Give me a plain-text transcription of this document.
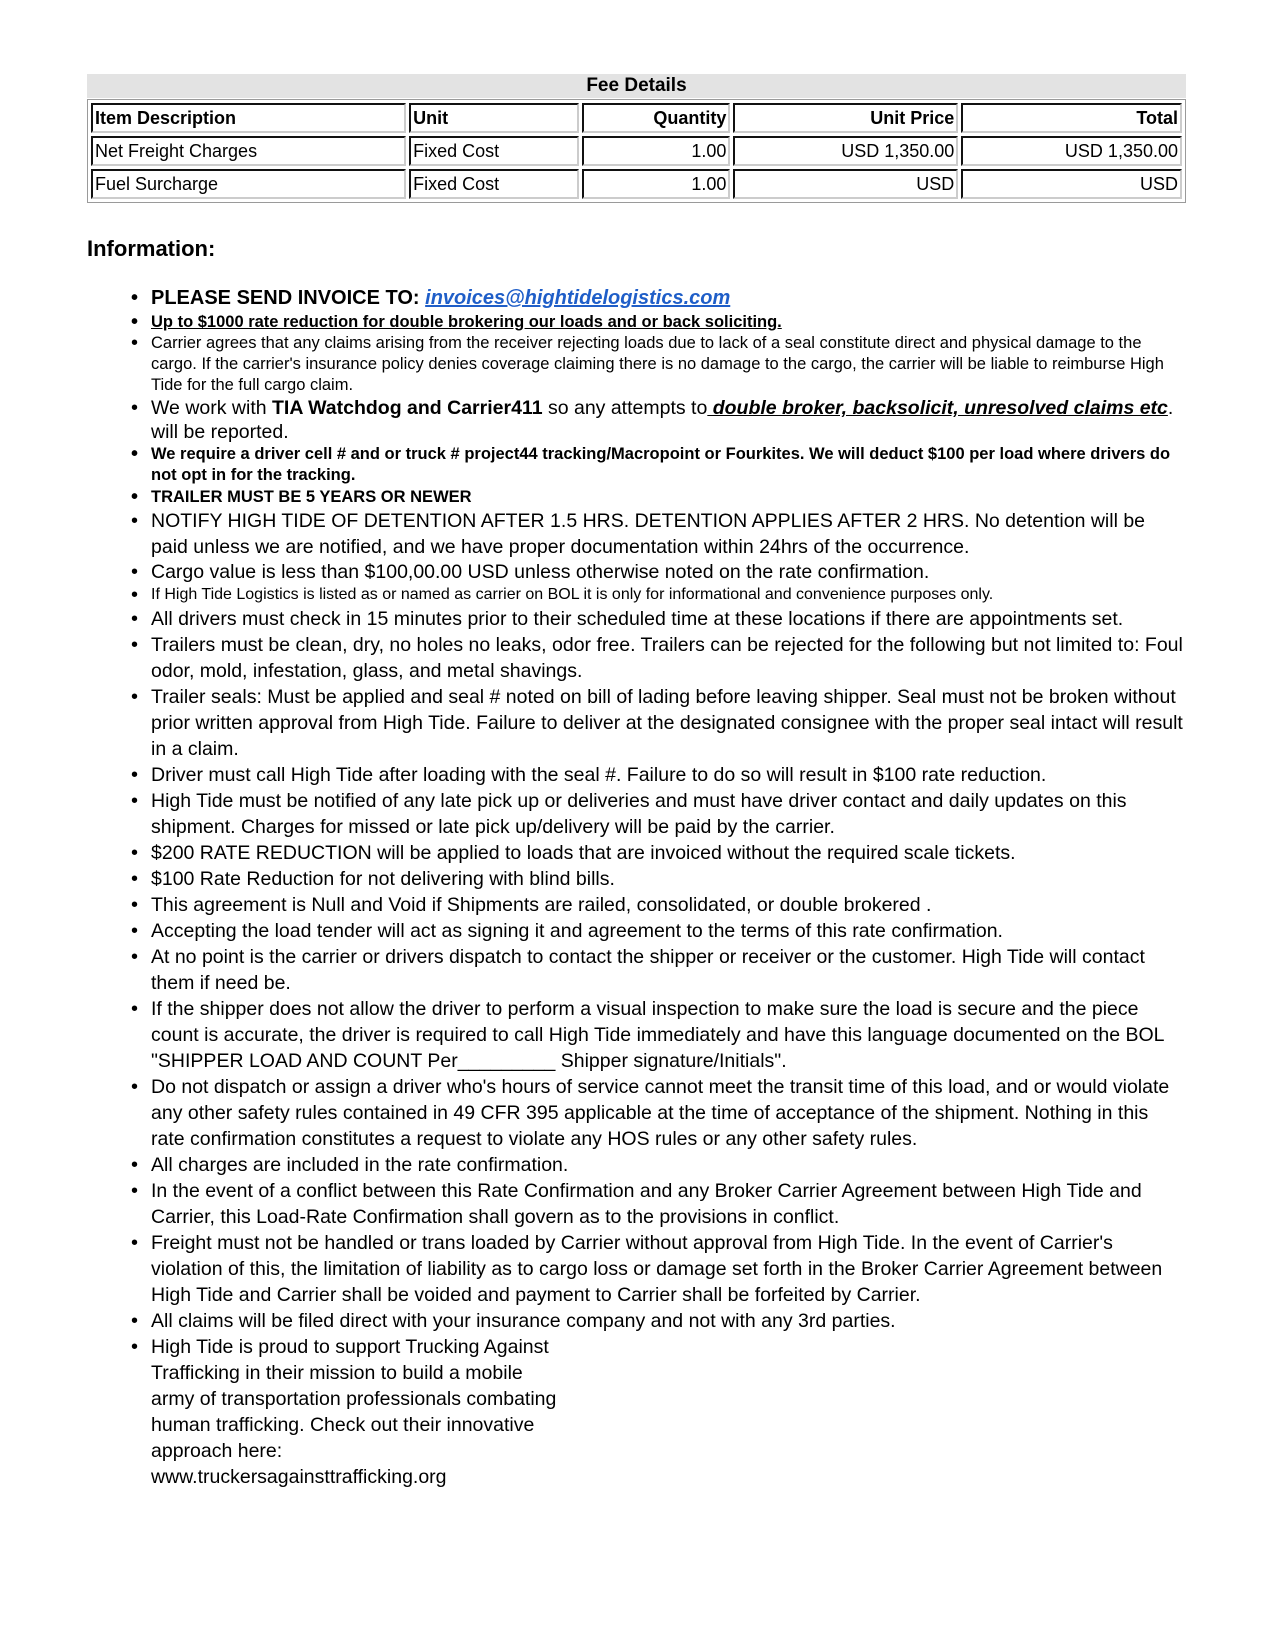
Fee Details
Item Description	Unit	Quantity	Unit Price	Total
Net Freight Charges	Fixed Cost	1.00	USD 1,350.00	USD 1,350.00
Fuel Surcharge	Fixed Cost	1.00	USD	USD
Information:
• PLEASE SEND INVOICE TO: invoices@hightidelogistics.com
• Up to $1000 rate reduction for double brokering our loads and or back soliciting.
• Carrier agrees that any claims arising from the receiver rejecting loads due to lack of a seal constitute direct and physical damage to the cargo. If the carrier's insurance policy denies coverage claiming there is no damage to the cargo, the carrier will be liable to reimburse High Tide for the full cargo claim.
• We work with TIA Watchdog and Carrier411 so any attempts to double broker, backsolicit, unresolved claims etc. will be reported.
• We require a driver cell # and or truck # project44 tracking/Macropoint or Fourkites. We will deduct $100 per load where drivers do not opt in for the tracking.
• TRAILER MUST BE 5 YEARS OR NEWER
• NOTIFY HIGH TIDE OF DETENTION AFTER 1.5 HRS. DETENTION APPLIES AFTER 2 HRS. No detention will be paid unless we are notified, and we have proper documentation within 24hrs of the occurrence.
• Cargo value is less than $100,00.00 USD unless otherwise noted on the rate confirmation.
• If High Tide Logistics is listed as or named as carrier on BOL it is only for informational and convenience purposes only.
• All drivers must check in 15 minutes prior to their scheduled time at these locations if there are appointments set.
• Trailers must be clean, dry, no holes no leaks, odor free. Trailers can be rejected for the following but not limited to: Foul odor, mold, infestation, glass, and metal shavings.
• Trailer seals: Must be applied and seal # noted on bill of lading before leaving shipper. Seal must not be broken without prior written approval from High Tide. Failure to deliver at the designated consignee with the proper seal intact will result in a claim.
• Driver must call High Tide after loading with the seal #. Failure to do so will result in $100 rate reduction.
• High Tide must be notified of any late pick up or deliveries and must have driver contact and daily updates on this shipment. Charges for missed or late pick up/delivery will be paid by the carrier.
• $200 RATE REDUCTION will be applied to loads that are invoiced without the required scale tickets.
• $100 Rate Reduction for not delivering with blind bills.
• This agreement is Null and Void if Shipments are railed, consolidated, or double brokered .
• Accepting the load tender will act as signing it and agreement to the terms of this rate confirmation.
• At no point is the carrier or drivers dispatch to contact the shipper or receiver or the customer. High Tide will contact them if need be.
• If the shipper does not allow the driver to perform a visual inspection to make sure the load is secure and the piece count is accurate, the driver is required to call High Tide immediately and have this language documented on the BOL "SHIPPER LOAD AND COUNT Per_________ Shipper signature/Initials".
• Do not dispatch or assign a driver who's hours of service cannot meet the transit time of this load, and or would violate any other safety rules contained in 49 CFR 395 applicable at the time of acceptance of the shipment. Nothing in this rate confirmation constitutes a request to violate any HOS rules or any other safety rules.
• All charges are included in the rate confirmation.
• In the event of a conflict between this Rate Confirmation and any Broker Carrier Agreement between High Tide and Carrier, this Load-Rate Confirmation shall govern as to the provisions in conflict.
• Freight must not be handled or trans loaded by Carrier without approval from High Tide. In the event of Carrier's violation of this, the limitation of liability as to cargo loss or damage set forth in the Broker Carrier Agreement between High Tide and Carrier shall be voided and payment to Carrier shall be forfeited by Carrier.
• All claims will be filed direct with your insurance company and not with any 3rd parties.
• High Tide is proud to support Trucking Against Trafficking in their mission to build a mobile army of transportation professionals combating human trafficking. Check out their innovative approach here: www.truckersagainsttrafficking.org
